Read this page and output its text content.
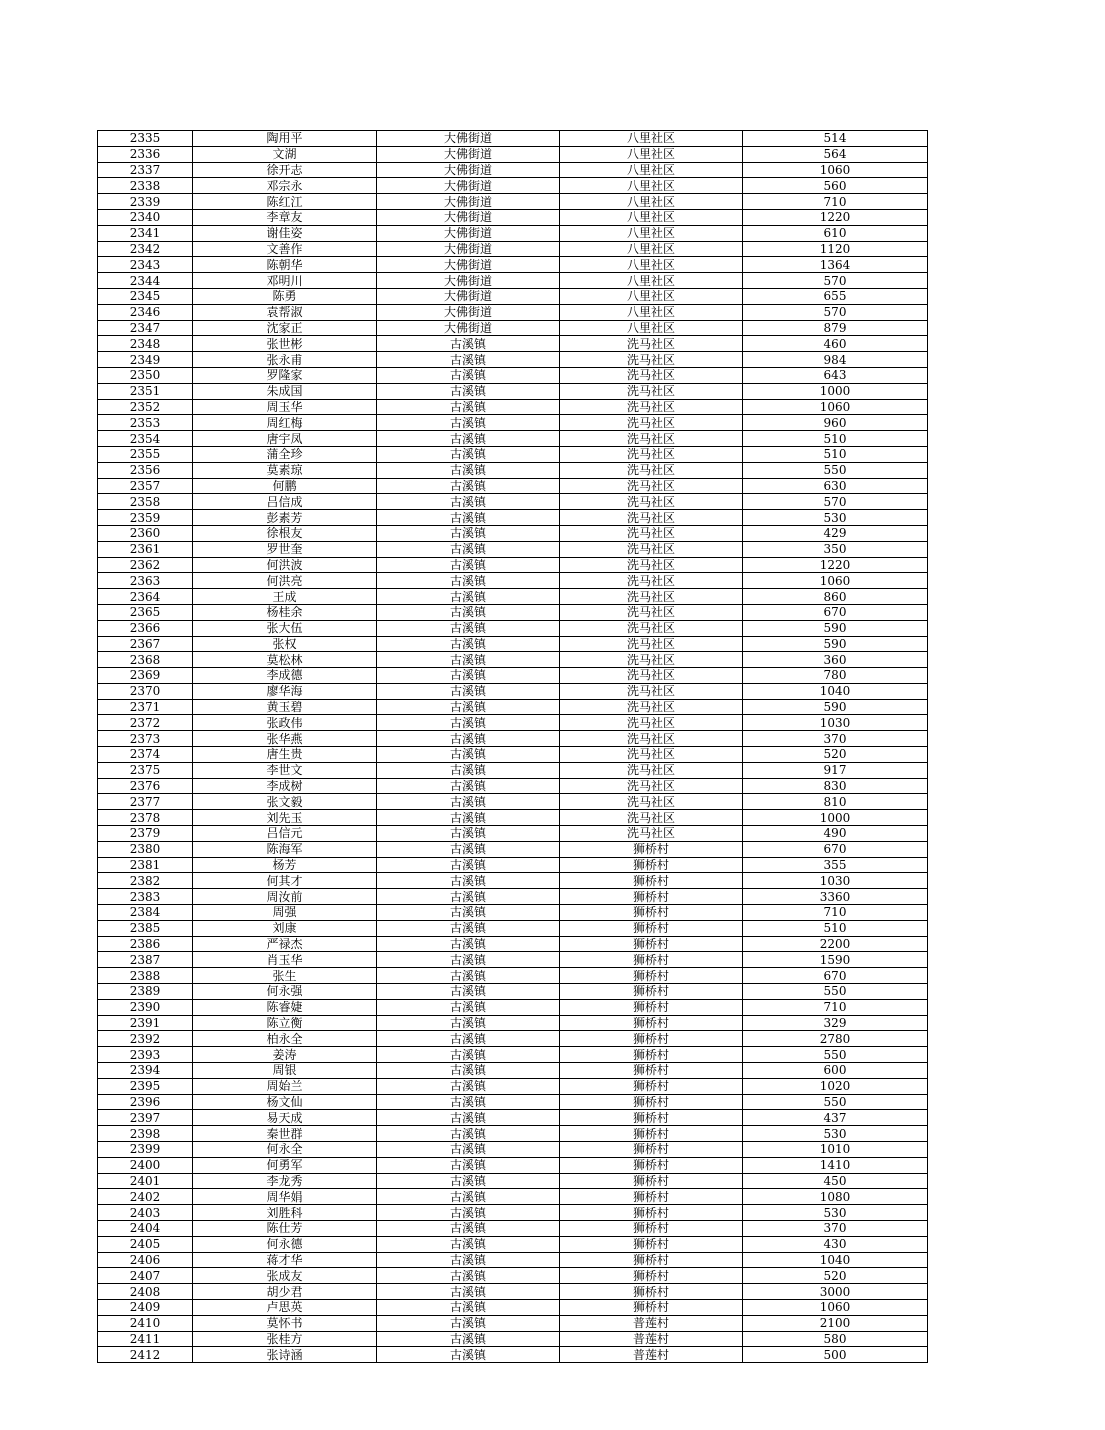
2335	陶用平	大佛街道	八里社区	514
2336	文湖	大佛街道	八里社区	564
2337	徐开志	大佛街道	八里社区	1060
2338	邓宗永	大佛街道	八里社区	560
2339	陈红江	大佛街道	八里社区	710
2340	李章友	大佛街道	八里社区	1220
2341	谢佳姿	大佛街道	八里社区	610
2342	文善作	大佛街道	八里社区	1120
2343	陈朝华	大佛街道	八里社区	1364
2344	邓明川	大佛街道	八里社区	570
2345	陈勇	大佛街道	八里社区	655
2346	袁帮淑	大佛街道	八里社区	570
2347	沈家正	大佛街道	八里社区	879
2348	张世彬	古溪镇	洗马社区	460
2349	张永甫	古溪镇	洗马社区	984
2350	罗隆家	古溪镇	洗马社区	643
2351	朱成国	古溪镇	洗马社区	1000
2352	周玉华	古溪镇	洗马社区	1060
2353	周红梅	古溪镇	洗马社区	960
2354	唐宇凤	古溪镇	洗马社区	510
2355	蒲全珍	古溪镇	洗马社区	510
2356	莫素琼	古溪镇	洗马社区	550
2357	何鹏	古溪镇	洗马社区	630
2358	吕信成	古溪镇	洗马社区	570
2359	彭素芳	古溪镇	洗马社区	530
2360	徐根友	古溪镇	洗马社区	429
2361	罗世奎	古溪镇	洗马社区	350
2362	何洪波	古溪镇	洗马社区	1220
2363	何洪亮	古溪镇	洗马社区	1060
2364	王成	古溪镇	洗马社区	860
2365	杨桂余	古溪镇	洗马社区	670
2366	张大伍	古溪镇	洗马社区	590
2367	张权	古溪镇	洗马社区	590
2368	莫松林	古溪镇	洗马社区	360
2369	李成德	古溪镇	洗马社区	780
2370	廖华海	古溪镇	洗马社区	1040
2371	黄玉碧	古溪镇	洗马社区	590
2372	张政伟	古溪镇	洗马社区	1030
2373	张华燕	古溪镇	洗马社区	370
2374	唐生贵	古溪镇	洗马社区	520
2375	李世文	古溪镇	洗马社区	917
2376	李成树	古溪镇	洗马社区	830
2377	张文毅	古溪镇	洗马社区	810
2378	刘先玉	古溪镇	洗马社区	1000
2379	吕信元	古溪镇	洗马社区	490
2380	陈海军	古溪镇	狮桥村	670
2381	杨芳	古溪镇	狮桥村	355
2382	何其才	古溪镇	狮桥村	1030
2383	周汝前	古溪镇	狮桥村	3360
2384	周强	古溪镇	狮桥村	710
2385	刘康	古溪镇	狮桥村	510
2386	严禄杰	古溪镇	狮桥村	2200
2387	肖玉华	古溪镇	狮桥村	1590
2388	张生	古溪镇	狮桥村	670
2389	何永强	古溪镇	狮桥村	550
2390	陈睿婕	古溪镇	狮桥村	710
2391	陈立衡	古溪镇	狮桥村	329
2392	柏永全	古溪镇	狮桥村	2780
2393	姜涛	古溪镇	狮桥村	550
2394	周银	古溪镇	狮桥村	600
2395	周始兰	古溪镇	狮桥村	1020
2396	杨文仙	古溪镇	狮桥村	550
2397	易天成	古溪镇	狮桥村	437
2398	秦世群	古溪镇	狮桥村	530
2399	何永全	古溪镇	狮桥村	1010
2400	何勇军	古溪镇	狮桥村	1410
2401	李龙秀	古溪镇	狮桥村	450
2402	周华娟	古溪镇	狮桥村	1080
2403	刘胜科	古溪镇	狮桥村	530
2404	陈仕芳	古溪镇	狮桥村	370
2405	何永德	古溪镇	狮桥村	430
2406	蒋才华	古溪镇	狮桥村	1040
2407	张成友	古溪镇	狮桥村	520
2408	胡少君	古溪镇	狮桥村	3000
2409	卢思英	古溪镇	狮桥村	1060
2410	莫怀书	古溪镇	普莲村	2100
2411	张桂方	古溪镇	普莲村	580
2412	张诗涵	古溪镇	普莲村	500
